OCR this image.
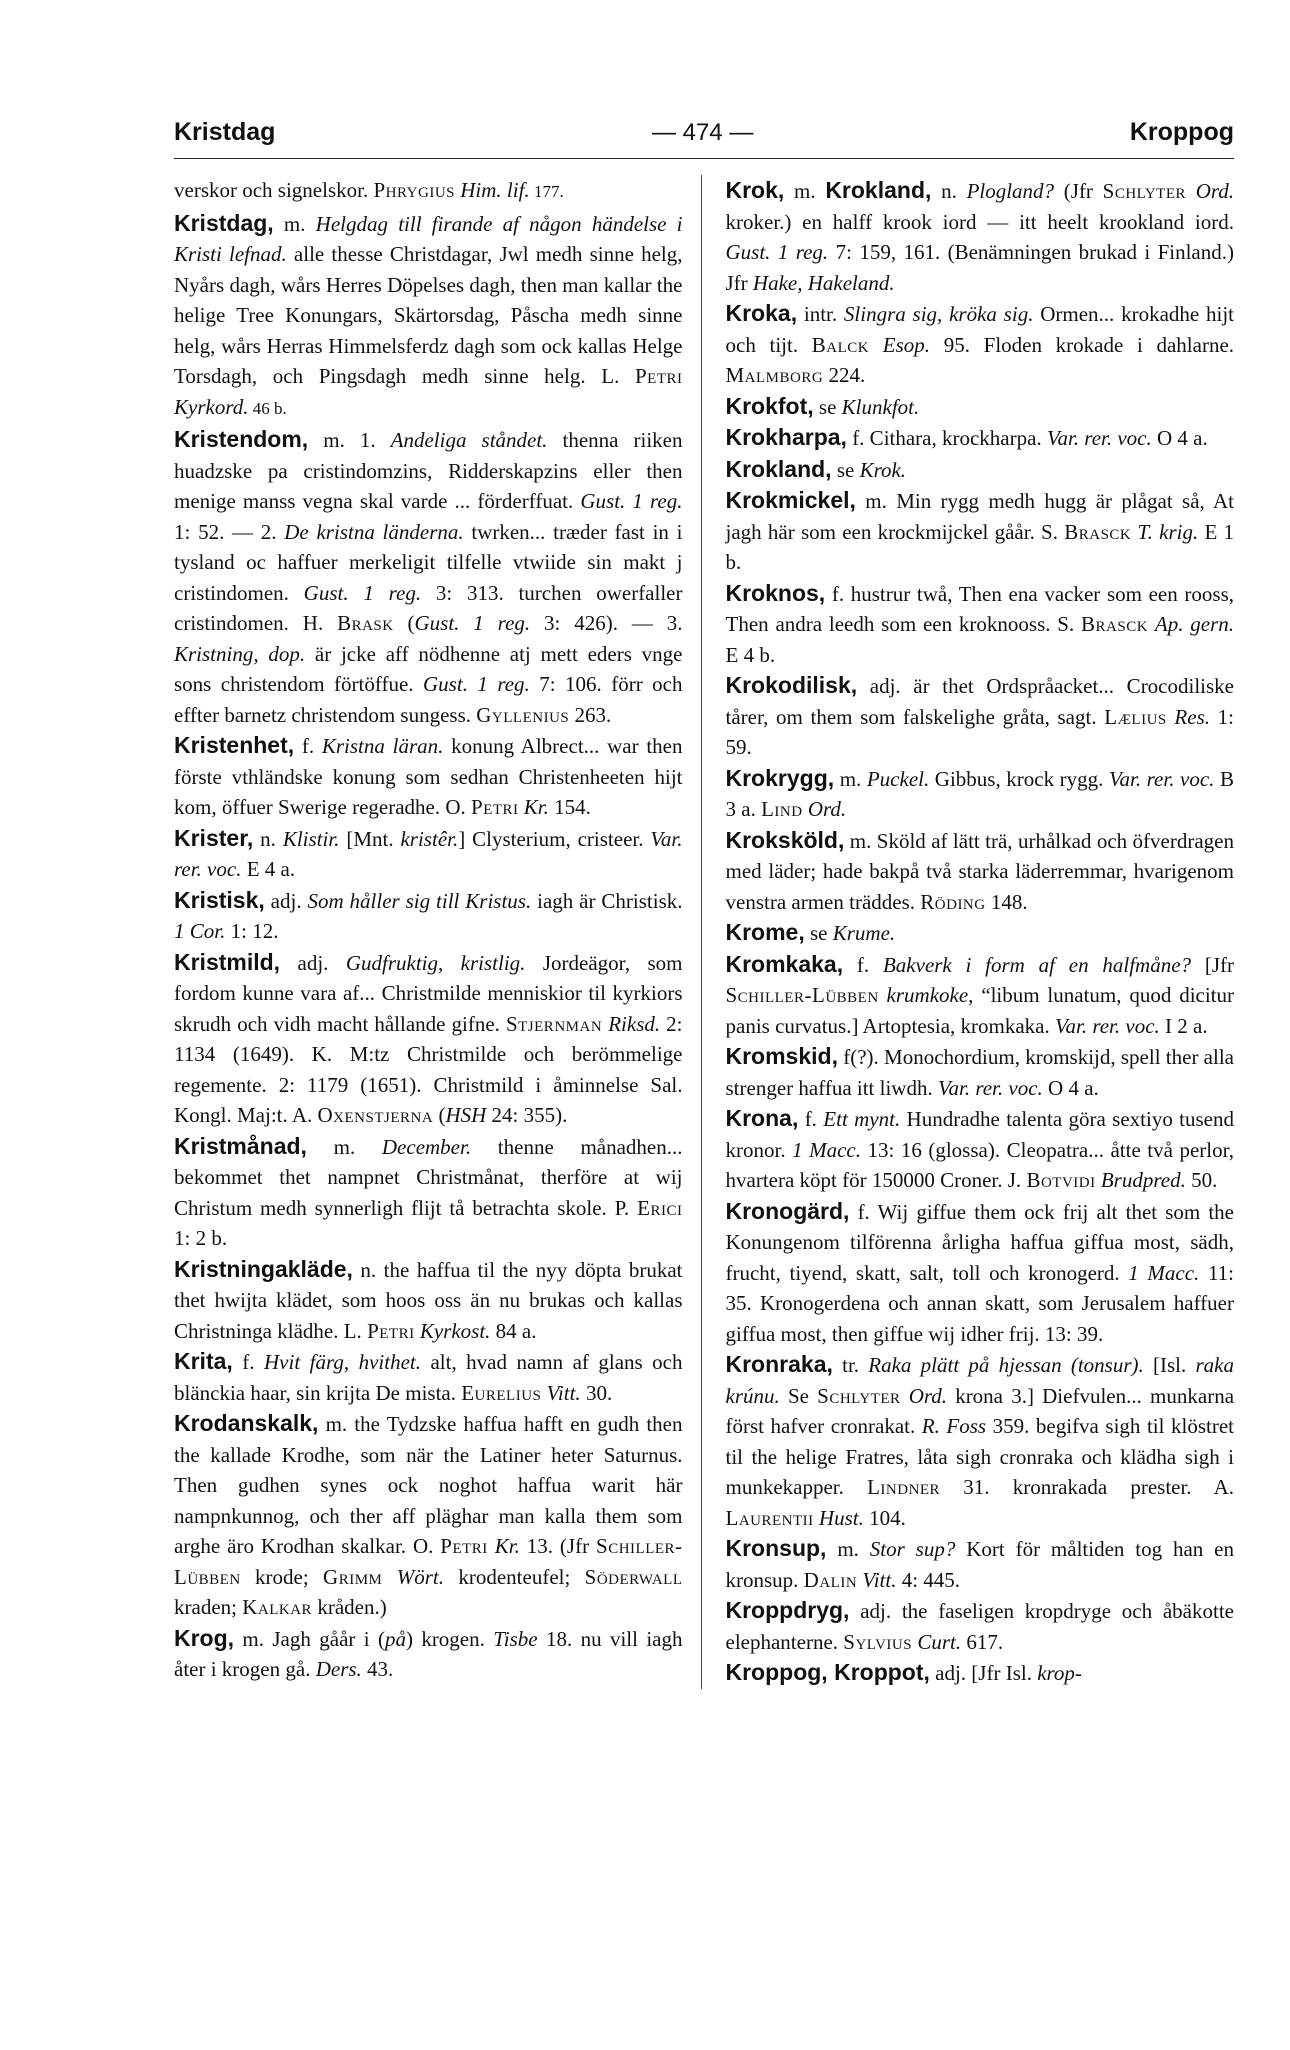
Kristdag	— 474 —	Kroppog

verskor och signelskor. Phrygius Him. lif. 177.

Kristdag, m. Helgdag till firande af någon händelse i Kristi lefnad. alle thesse Christdagar, Jwl medh sinne helg, Nyårs dagh, wårs Herres Döpelses dagh, then man kallar the helige Tree Konungars, Skärtorsdag, Påscha medh sinne helg, wårs Herras Himmelsferdz dagh som ock kallas Helge Torsdagh, och Pingsdagh medh sinne helg. L. Petri Kyrkord. 46 b.

Kristendom, m. 1. Andeliga ståndet. thenna riiken huadzske pa cristindomzins, Ridderskapzins eller then menige manss vegna skal varde ... förderffuat. Gust. 1 reg. 1: 52. — 2. De kristna länderna. twrken... træder fast in i tysland oc haffuer merkeligit tilfelle vtwiide sin makt j cristindomen. Gust. 1 reg. 3: 313. turchen owerfaller cristindomen. H. Brask (Gust. 1 reg. 3: 426). — 3. Kristning, dop. är jcke aff nödhenne atj mett eders vnge sons christendom förtöffue. Gust. 1 reg. 7: 106. förr och effter barnetz christendom sungess. Gyllenius 263.

Kristenhet, f. Kristna läran. konung Albrect... war then förste vthländske konung som sedhan Christenheeten hijt kom, öffuer Swerige regeradhe. O. Petri Kr. 154.

Krister, n. Klistir. [Mnt. kristêr.] Clysterium, cristeer. Var. rer. voc. E 4 a.

Kristisk, adj. Som håller sig till Kristus. iagh är Christisk. 1 Cor. 1: 12.

Kristmild, adj. Gudfruktig, kristlig. Jordeägor, som fordom kunne vara af... Christmilde menniskior til kyrkiors skrudh och vidh macht hållande gifne. Stjernman Riksd. 2: 1134 (1649). K. M:tz Christmilde och berömmelige regemente. 2: 1179 (1651). Christmild i åminnelse Sal. Kongl. Maj:t. A. Oxenstjerna (HSH 24: 355).

Kristmånad, m. December. thenne månadhen... bekommet thet nampnet Christmånat, therföre at wij Christum medh synnerligh flijt tå betrachta skole. P. Erici 1: 2 b.

Kristningakläde, n. the haffua til the nyy döpta brukat thet hwijta klädet, som hoos oss än nu brukas och kallas Christninga klädhe. L. Petri Kyrkost. 84 a.

Krita, f. Hvit färg, hvithet. alt, hvad namn af glans och blänckia haar, sin krijta De mista. Eurelius Vitt. 30.

Krodanskalk, m. the Tydzske haffua hafft en gudh then the kallade Krodhe, som när the Latiner heter Saturnus. Then gudhen synes ock noghot haffua warit här nampnkunnog, och ther aff pläghar man kalla them som arghe äro Krodhan skalkar. O. Petri Kr. 13. (Jfr Schiller-Lübben krode; Grimm Wört. krodenteufel; Söderwall kraden; Kalkar kråden.)

Krog, m. Jagh gåår i (på) krogen. Tisbe 18. nu vill iagh åter i krogen gå. Ders. 43.

Krok, m. Krokland, n. Plogland? (Jfr Schlyter Ord. kroker.) en halff krook iord — itt heelt krookland iord. Gust. 1 reg. 7: 159, 161. (Benämningen brukad i Finland.) Jfr Hake, Hakeland.

Kroka, intr. Slingra sig, kröka sig. Ormen... krokadhe hijt och tijt. Balck Esop. 95. Floden krokade i dahlarne. Malmborg 224.

Krokfot, se Klunkfot.

Krokharpa, f. Cithara, krockharpa. Var. rer. voc. O 4 a.

Krokland, se Krok.

Krokmickel, m. Min rygg medh hugg är plågat så, At jagh här som een krockmijckel gåår. S. Brasck T. krig. E 1 b.

Kroknos, f. hustrur twå, Then ena vacker som een rooss, Then andra leedh som een kroknooss. S. Brasck Ap. gern. E 4 b.

Krokodilisk, adj. är thet Ordspråacket... Crocodiliske tårer, om them som falskelighe gråta, sagt. Lælius Res. 1: 59.

Krokrygg, m. Puckel. Gibbus, krock rygg. Var. rer. voc. B 3 a. Lind Ord.

Kroksköld, m. Sköld af lätt trä, urhålkad och öfverdragen med läder; hade bakpå två starka läderremmar, hvarigenom venstra armen träddes. Röding 148.

Krome, se Krume.

Kromkaka, f. Bakverk i form af en halfmåne? [Jfr Schiller-Lübben krumkoke, “libum lunatum, quod dicitur panis curvatus.] Artoptesia, kromkaka. Var. rer. voc. I 2 a.

Kromskid, f(?). Monochordium, kromskijd, spell ther alla strenger haffua itt liwdh. Var. rer. voc. O 4 a.

Krona, f. Ett mynt. Hundradhe talenta göra sextiyo tusend kronor. 1 Macc. 13: 16 (glossa). Cleopatra... åtte två perlor, hvartera köpt för 150000 Croner. J. Botvidi Brudpred. 50.

Kronogärd, f. Wij giffue them ock frij alt thet som the Konungenom tilförenna årligha haffua giffua most, sädh, frucht, tiyend, skatt, salt, toll och kronogerd. 1 Macc. 11: 35. Kronogerdena och annan skatt, som Jerusalem haffuer giffua most, then giffue wij idher frij. 13: 39.

Kronraka, tr. Raka plätt på hjessan (tonsur). [Isl. raka krúnu. Se Schlyter Ord. krona 3.] Diefvulen... munkarna först hafver cronrakat. R. Foss 359. begifva sigh til klöstret til the helige Fratres, låta sigh cronraka och klädha sigh i munkekapper. Lindner 31. kronrakada prester. A. Laurentii Hust. 104.

Kronsup, m. Stor sup? Kort för måltiden tog han en kronsup. Dalin Vitt. 4: 445.

Kroppdryg, adj. the faseligen kropdryge och åbäkotte elephanterne. Sylvius Curt. 617.

Kroppog, Kroppot, adj. [Jfr Isl. krop-
